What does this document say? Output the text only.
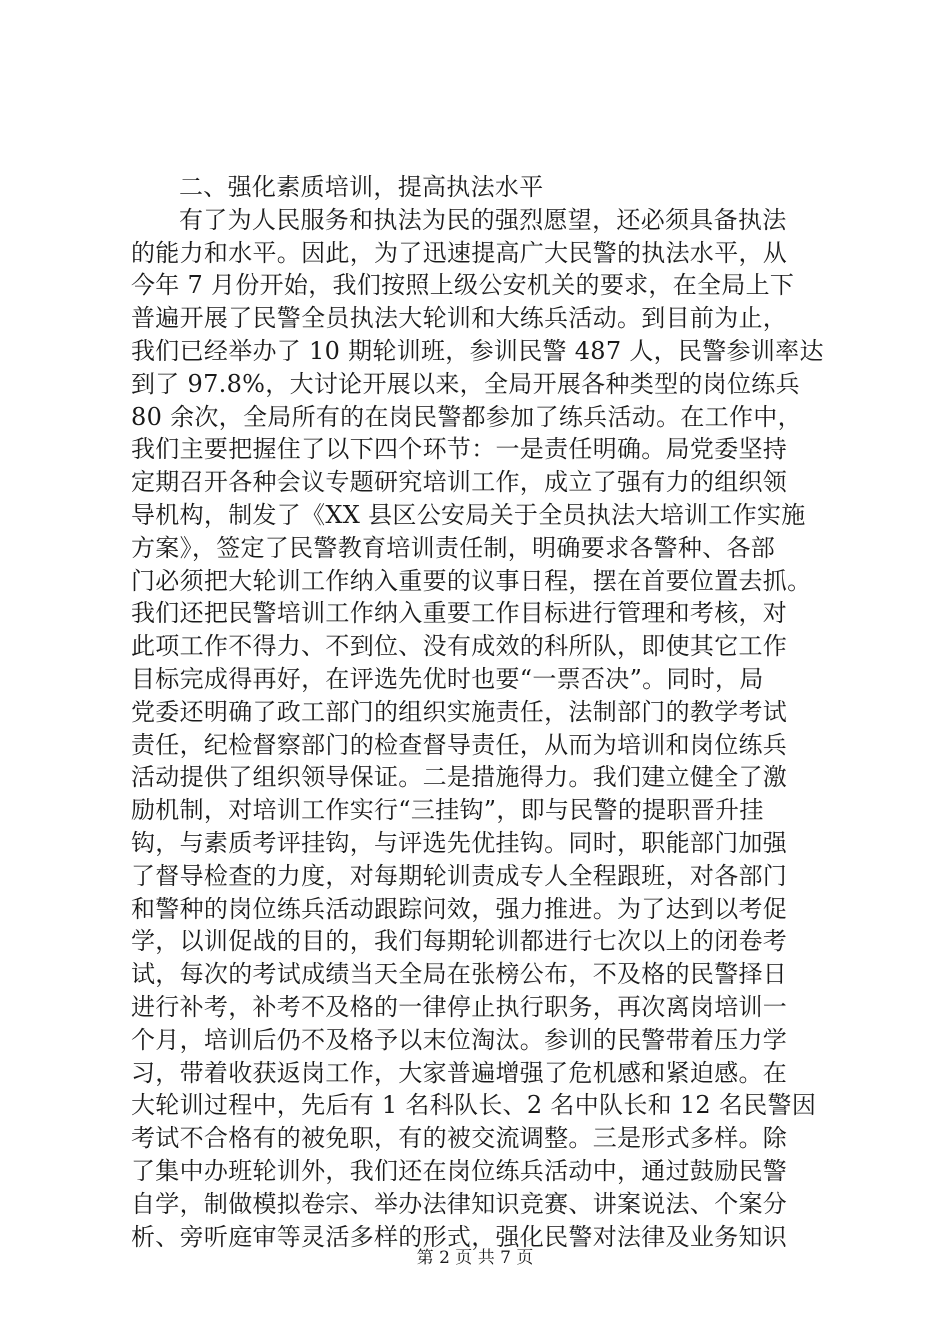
二、强化素质培训，提高执法水平
有了为人民服务和执法为民的强烈愿望，还必须具备执法
的能力和水平。因此，为了迅速提高广大民警的执法水平，从
今年 7 月份开始，我们按照上级公安机关的要求，在全局上下
普遍开展了民警全员执法大轮训和大练兵活动。到目前为止，
我们已经举办了 10 期轮训班，参训民警 487 人，民警参训率达
到了 97.8%，大讨论开展以来，全局开展各种类型的岗位练兵
80 余次，全局所有的在岗民警都参加了练兵活动。在工作中，
我们主要把握住了以下四个环节：一是责任明确。局党委坚持
定期召开各种会议专题研究培训工作，成立了强有力的组织领
导机构，制发了《XX 县区公安局关于全员执法大培训工作实施
方案》，签定了民警教育培训责任制，明确要求各警种、各部
门必须把大轮训工作纳入重要的议事日程，摆在首要位置去抓。
我们还把民警培训工作纳入重要工作目标进行管理和考核，对
此项工作不得力、不到位、没有成效的科所队，即使其它工作
目标完成得再好，在评选先优时也要“一票否决”。同时，局
党委还明确了政工部门的组织实施责任，法制部门的教学考试
责任，纪检督察部门的检查督导责任，从而为培训和岗位练兵
活动提供了组织领导保证。二是措施得力。我们建立健全了激
励机制，对培训工作实行“三挂钩”，即与民警的提职晋升挂
钩，与素质考评挂钩，与评选先优挂钩。同时，职能部门加强
了督导检查的力度，对每期轮训责成专人全程跟班，对各部门
和警种的岗位练兵活动跟踪问效，强力推进。为了达到以考促
学，以训促战的目的，我们每期轮训都进行七次以上的闭卷考
试，每次的考试成绩当天全局在张榜公布，不及格的民警择日
进行补考，补考不及格的一律停止执行职务，再次离岗培训一
个月，培训后仍不及格予以末位淘汰。参训的民警带着压力学
习，带着收获返岗工作，大家普遍增强了危机感和紧迫感。在
大轮训过程中，先后有 1 名科队长、2 名中队长和 12 名民警因
考试不合格有的被免职，有的被交流调整。三是形式多样。除
了集中办班轮训外，我们还在岗位练兵活动中，通过鼓励民警
自学，制做模拟卷宗、举办法律知识竞赛、讲案说法、个案分
析、旁听庭审等灵活多样的形式，强化民警对法律及业务知识
第 2 页 共 7 页
